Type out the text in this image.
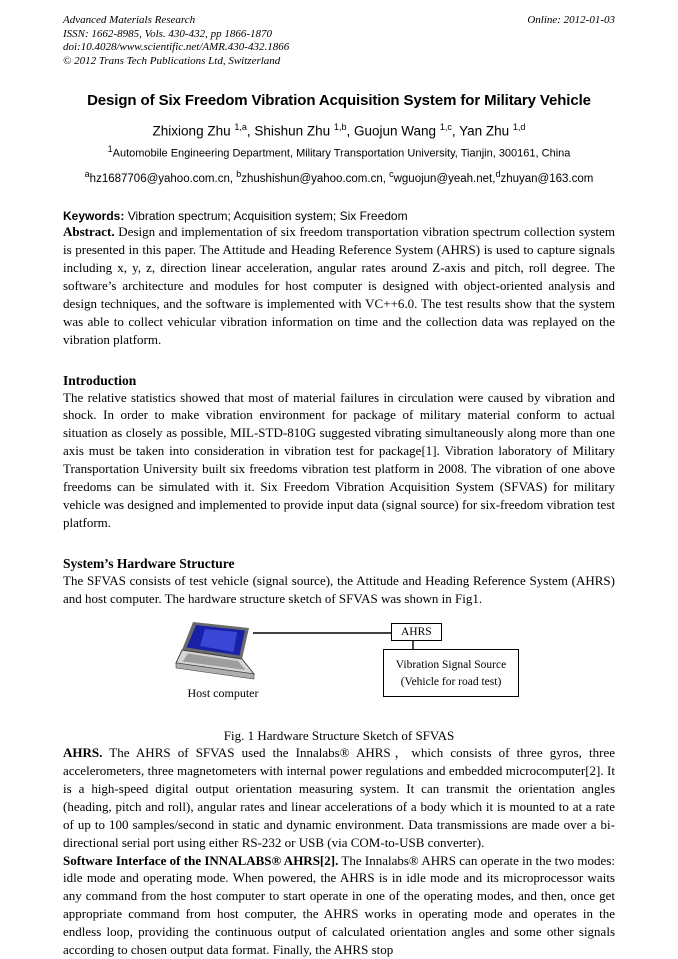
Advanced Materials Research
ISSN: 1662-8985, Vols. 430-432, pp 1866-1870
doi:10.4028/www.scientific.net/AMR.430-432.1866
© 2012 Trans Tech Publications Ltd, Switzerland
Online: 2012-01-03
Design of Six Freedom Vibration Acquisition System for Military Vehicle
Zhixiong Zhu $^{1,a}$, Shishun Zhu $^{1,b}$, Guojun Wang $^{1,c}$, Yan Zhu $^{1,d}$
$^1$Automobile Engineering Department, Military Transportation University, Tianjin, 300161, China
$^a$hz1687706@yahoo.com.cn, $^b$zhushishun@yahoo.com.cn, $^c$wguojun@yeah.net,$^d$zhuyan@163.com
Keywords: Vibration spectrum; Acquisition system; Six Freedom

Abstract. Design and implementation of six freedom transportation vibration spectrum collection system is presented in this paper. The Attitude and Heading Reference System (AHRS) is used to capture signals including x, y, z, direction linear acceleration, angular rates around Z-axis and pitch, roll degree. The software’s architecture and modules for host computer is designed with object-oriented analysis and design techniques, and the software is implemented with VC++6.0. The test results show that the system was able to collect vehicular vibration information on time and the collection data was replayed on the vibration platform.

Introduction

The relative statistics showed that most of material failures in circulation were caused by vibration and shock. In order to make vibration environment for package of military material conform to actual situation as closely as possible, MIL-STD-810G suggested vibrating simultaneously along more than one axis must be taken into consideration in vibration test for package[1]. Vibration laboratory of Military Transportation University built six freedoms vibration test platform in 2008. The vibration of one above freedoms can be simulated with it. Six Freedom Vibration Acquisition System (SFVAS) for military vehicle was designed and implemented to provide input data (signal source) for six-freedom vibration test platform.

System’s Hardware Structure

The SFVAS consists of test vehicle (signal source), the Attitude and Heading Reference System (AHRS) and host computer. The hardware structure sketch of SFVAS was shown in Fig1.

Host computer
AHRS
Vibration Signal Source
(Vehicle for road test)
Fig. 1 Hardware Structure Sketch of SFVAS

AHRS. The AHRS of SFVAS used the Innalabs® AHRS，which consists of three gyros, three accelerometers, three magnetometers with internal power regulations and embedded microcomputer[2]. It is a high-speed digital output orientation measuring system. It can transmit the orientation angles (heading, pitch and roll), angular rates and linear accelerations of a body which it is mounted to at a rate of up to 100 samples/second in static and dynamic environment. Data transmissions are made over a bi-directional serial port using either RS-232 or USB (via COM-to-USB converter).

Software Interface of the INNALABS® AHRS[2]. The Innalabs® AHRS can operate in the two modes: idle mode and operating mode. When powered, the AHRS is in idle mode and its microprocessor waits any command from the host computer to start operate in one of the operating modes, and then, once get appropriate command from host computer, the AHRS works in operating mode and operates in the endless loop, providing the continuous output of calculated orientation angles and some other signals according to chosen output data format. Finally, the AHRS stop
